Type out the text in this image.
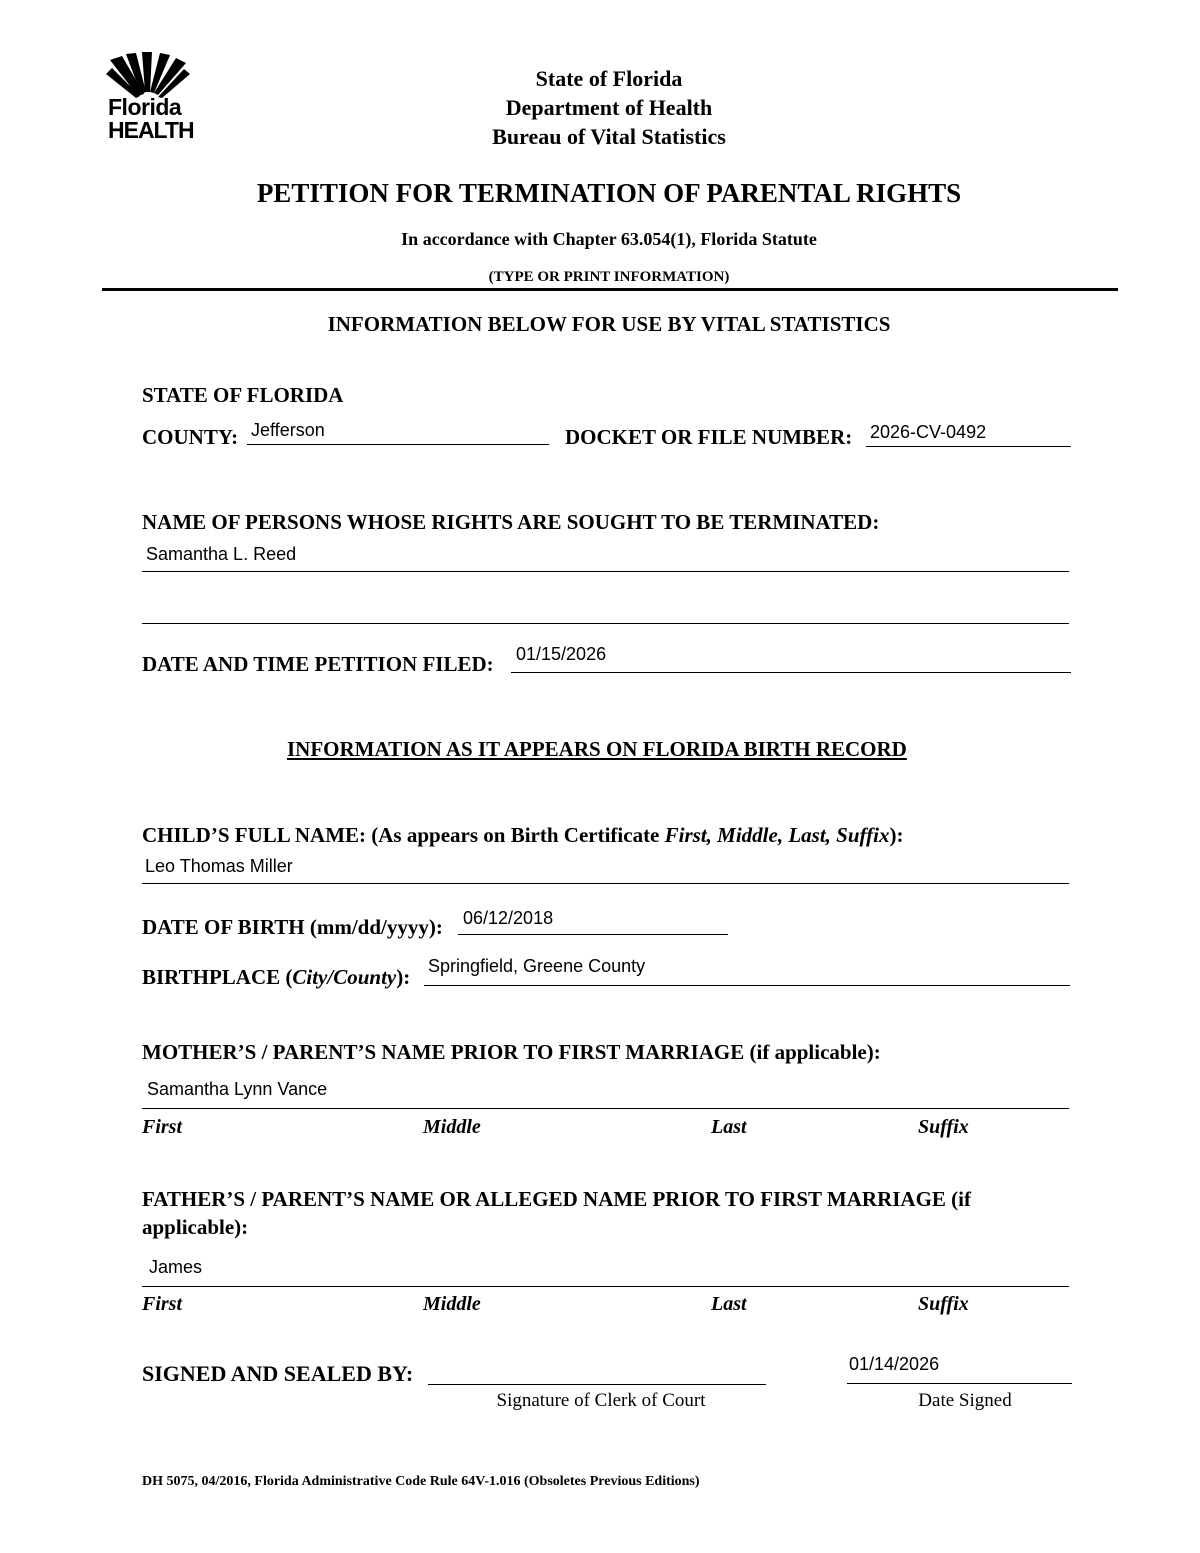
Florida
HEALTH
State of Florida
Department of Health
Bureau of Vital Statistics
PETITION FOR TERMINATION OF PARENTAL RIGHTS
In accordance with Chapter 63.054(1), Florida Statute
(TYPE OR PRINT INFORMATION)
INFORMATION BELOW FOR USE BY VITAL STATISTICS
STATE OF FLORIDA
COUNTY: Jefferson	DOCKET OR FILE NUMBER: 2026-CV-0492
NAME OF PERSONS WHOSE RIGHTS ARE SOUGHT TO BE TERMINATED:
Samantha L. Reed
DATE AND TIME PETITION FILED: 01/15/2026
INFORMATION AS IT APPEARS ON FLORIDA BIRTH RECORD
CHILD’S FULL NAME: (As appears on Birth Certificate First, Middle, Last, Suffix):
Leo Thomas Miller
DATE OF BIRTH (mm/dd/yyyy): 06/12/2018
BIRTHPLACE (City/County): Springfield, Greene County
MOTHER’S / PARENT’S NAME PRIOR TO FIRST MARRIAGE (if applicable):
Samantha Lynn Vance
First	Middle	Last	Suffix
FATHER’S / PARENT’S NAME OR ALLEGED NAME PRIOR TO FIRST MARRIAGE (if
applicable):
James
First	Middle	Last	Suffix
SIGNED AND SEALED BY:
Signature of Clerk of Court
01/14/2026
Date Signed
DH 5075, 04/2016, Florida Administrative Code Rule 64V-1.016 (Obsoletes Previous Editions)
